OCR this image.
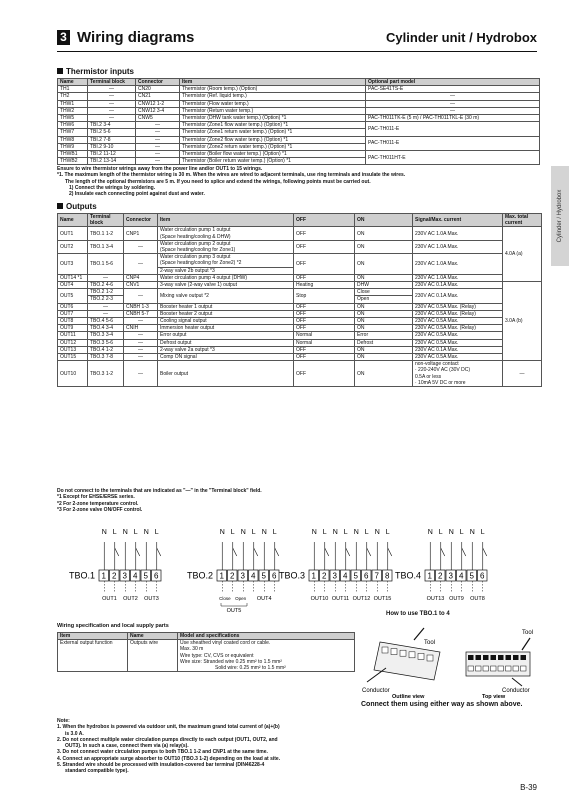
3 Wiring diagrams	Cylinder unit / Hydrobox
Cylinder / Hydrobox
Thermistor inputs
Name	Terminal block	Connector	Item	Optional part model
TH1	—	CN20	Thermistor (Room temp.) (Option)	PAC-SE41TS-E
TH2	—	CN21	Thermistor (Ref. liquid temp.)	—
THW1	—	CNW12 1-2	Thermistor (Flow water temp.)	—
THW2	—	CNW12 3-4	Thermistor (Return water temp.)	—
THW5	—	CNW5	Thermistor (DHW tank water temp.) (Option) *1	PAC-TH011TK-E (5 m) / PAC-TH011TKL-E (30 m)
THW6	TBI.2 3-4	—	Thermistor (Zone1 flow water temp.) (Option) *1	PAC-TH011-E
THW7	TBI.2 5-6	—	Thermistor (Zone1 return water temp.) (Option) *1	
THW8	TBI.2 7-8	—	Thermistor (Zone2 flow water temp.) (Option) *1	PAC-TH011-E
THW9	TBI.2 9-10	—	Thermistor (Zone2 return water temp.) (Option) *1	
THWB1	TBI.2 11-12	—	Thermistor (Boiler flow water temp.) (Option) *1	PAC-TH011HT-E
THWB2	TBI.2 13-14	—	Thermistor (Boiler return water temp.) (Option) *1	
Ensure to wire thermistor wirings away from the power line and/or OUT1 to 15 wirings.
*1. The maximum length of the thermistor wiring is 30 m. When the wires are wired to adjacent terminals, use ring terminals and insulate the wires.
The length of the optional thermistors are 5 m. If you need to splice and extend the wirings, following points must be carried out.
1) Connect the wirings by soldering.
2) Insulate each connecting point against dust and water.
Outputs
Name	Terminal block	Connector	Item	OFF	ON	Signal/Max. current	Max. total current
OUT1	TBO.1 1-2	CNP1	Water circulation pump 1 output
(Space heating/cooling & DHW)	OFF	ON	230V AC 1.0A Max.	4.0A (a)
OUT2	TBO.1 3-4	—	Water circulation pump 2 output
(Space heating/cooling for Zone1)	OFF	ON	230V AC 1.0A Max.	
OUT3	TBO.1 5-6	—	Water circulation pump 3 output
(Space heating/cooling for Zone2) *2	OFF	ON	230V AC 1.0A Max.	
			2-way valve 2b output *3				
OUT14 *1	—	CNP4	Water circulation pump 4 output (DHW)	OFF	ON	230V AC 1.0A Max.	
OUT4	TBO.2 4-6	CNV1	3-way valve (2-way valve 1) output	Heating	DHW	230V AC 0.1A Max.	3.0A (b)
OUT5	TBO.2 1-2	—	Mixing valve output *2	Stop	Close	230V AC 0.1A Max.	
	TBO.2 2-3				Open		
OUT6	—	CNBH 1-3	Booster heater 1 output	OFF	ON	230V AC 0.5A Max. (Relay)	
OUT7	—	CNBH 5-7	Booster heater 2 output	OFF	ON	230V AC 0.5A Max. (Relay)	
OUT8	TBO.4 5-6	—	Cooling signal output	OFF	ON	230V AC 0.5A Max.	
OUT9	TBO.4 3-4	CNIH	Immersion heater output	OFF	ON	230V AC 0.5A Max. (Relay)	
OUT11	TBO.3 3-4	—	Error output	Normal	Error	230V AC 0.5A Max.	
OUT12	TBO.3 5-6	—	Defrost output	Normal	Defrost	230V AC 0.5A Max.	
OUT13	TBO.4 1-2	—	2-way valve 2a output *3	OFF	ON	230V AC 0.1A Max.	
OUT15	TBO.3 7-8	—	Comp ON signal	OFF	ON	230V AC 0.5A Max.	
OUT10	TBO.3 1-2	—	Boiler output	OFF	ON	non-voltage contact
· 220-240V AC (30V DC)
0.5A or less
· 10mA 5V DC or more	—
Do not connect to the terminals that are indicated as "—" in the "Terminal block" field.
*1 Except for EHSE/ERSE series.
*2 For 2-zone temperature control.
*3 For 2-zone valve ON/OFF control.
TBO.1 1
N
2
L
3
N
4
L
5
N
6
L
OUT1 OUT2 OUT3
TBO.2 1
N
2
L
3
N
4
L
5
N
6
L
Close Open OUT4
TBO.3 1
N
2
L
3
N
4
L
5
N
6
L
7
N
8
L
OUT10 OUT11 OUT12 OUT15
TBO.4 1
N
2
L
3
N
4
L
5
N
6
L
OUT13 OUT9 OUT8
OUT5
Wiring specification and local supply parts
Item	Name	Model and specifications
External output function	Outputs wire	Use sheathed vinyl coated cord or cable.
Max. 30 m
Wire type: CV, CVS or equivalent
Wire size: Stranded wire 0.25 mm² to 1.5 mm²
Solid wire: 0.25 mm² to 1.5 mm²
How to use TBO.1 to 4
Tool
Conductor
Outline view
Tool
Conductor
Top view
Connect them using either way as shown above.
Note:
1. When the hydrobox is powered via outdoor unit, the maximum grand total current of (a)+(b)
is 3.0 A.
2. Do not connect multiple water circulation pumps directly to each output (OUT1, OUT2, and
OUT3). In such a case, connect them via (a) relay(s).
3. Do not connect water circulation pumps to both TBO.1 1-2 and CNP1 at the same time.
4. Connect an appropriate surge absorber to OUT10 (TBO.3 1-2) depending on the load at site.
5. Stranded wire should be processed with insulation-covered bar terminal (DIN46228-4
standard compatible type).
B-39
